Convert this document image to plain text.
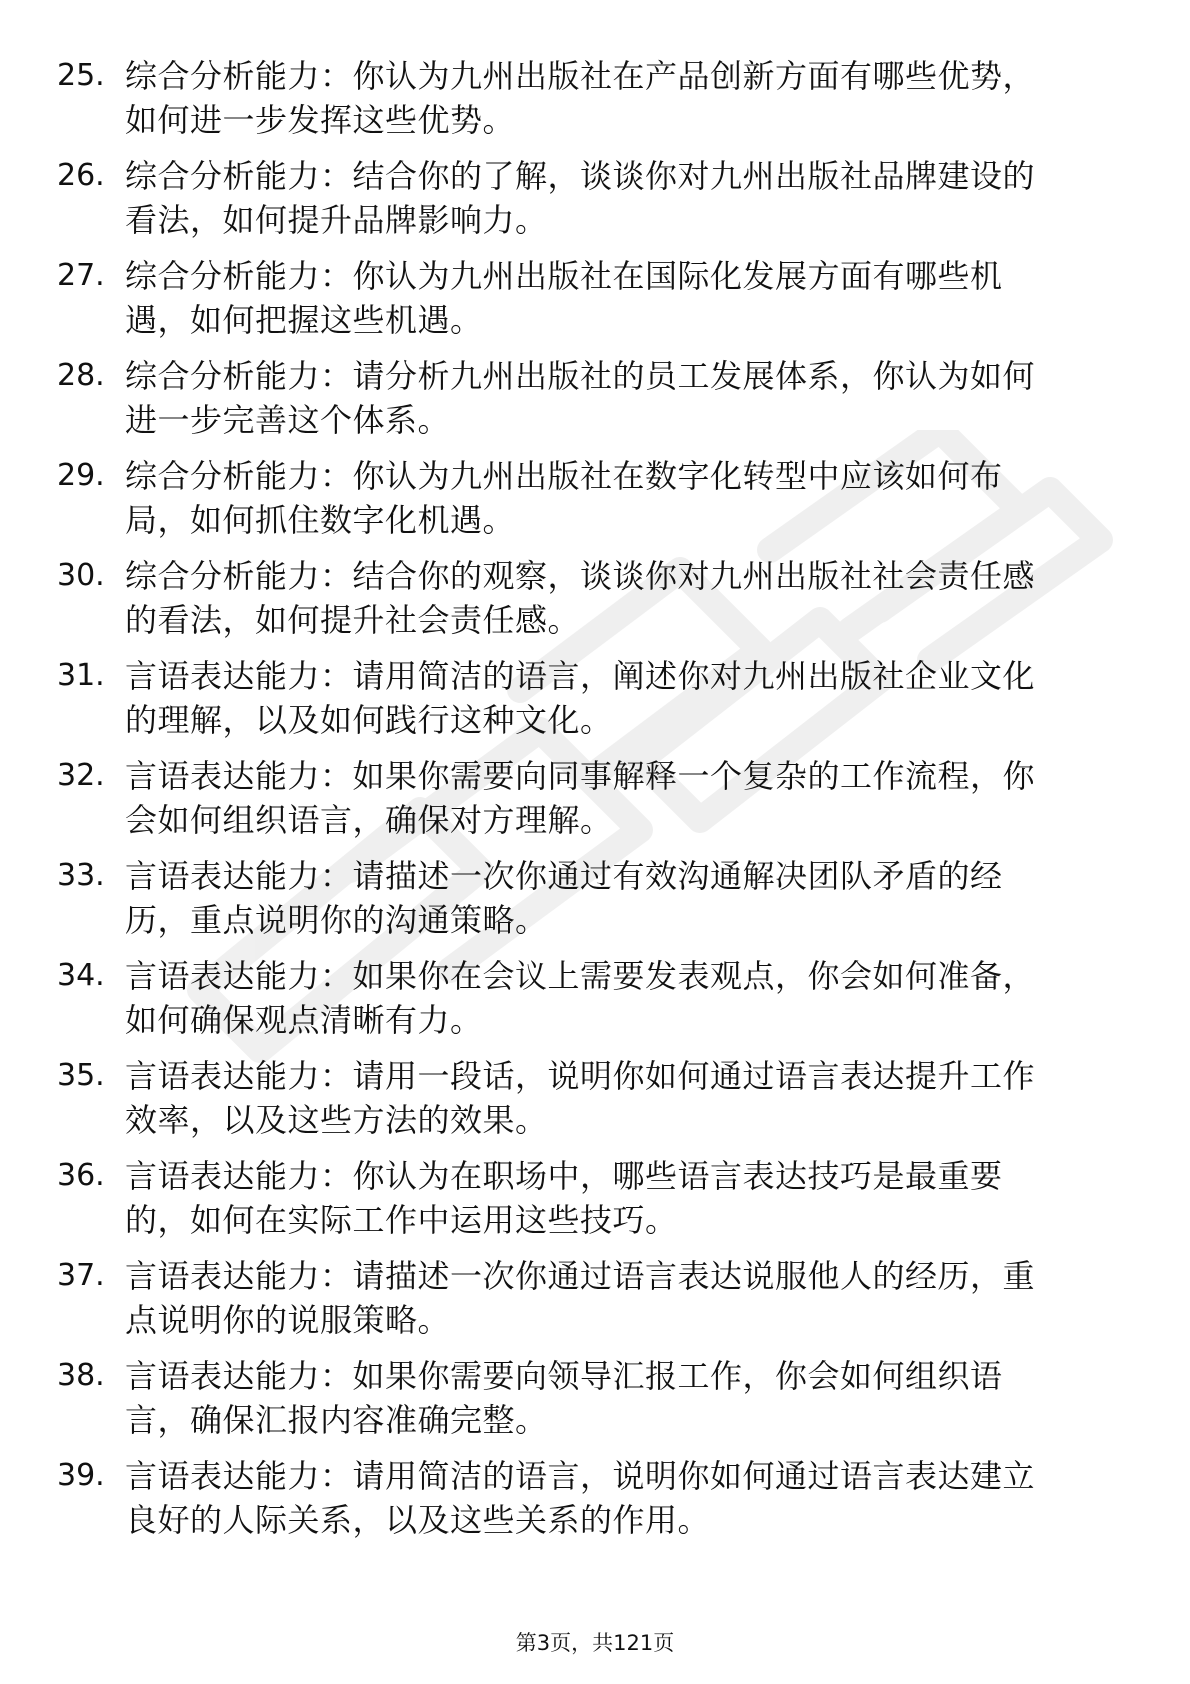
25. 综合分析能力：你认为九州出版社在产品创新方面有哪些优势，
如何进一步发挥这些优势。
26. 综合分析能力：结合你的了解，谈谈你对九州出版社品牌建设的
看法，如何提升品牌影响力。
27. 综合分析能力：你认为九州出版社在国际化发展方面有哪些机
遇，如何把握这些机遇。
28. 综合分析能力：请分析九州出版社的员工发展体系，你认为如何
进一步完善这个体系。
29. 综合分析能力：你认为九州出版社在数字化转型中应该如何布
局，如何抓住数字化机遇。
30. 综合分析能力：结合你的观察，谈谈你对九州出版社社会责任感
的看法，如何提升社会责任感。
31. 言语表达能力：请用简洁的语言，阐述你对九州出版社企业文化
的理解，以及如何践行这种文化。
32. 言语表达能力：如果你需要向同事解释一个复杂的工作流程，你
会如何组织语言，确保对方理解。
33. 言语表达能力：请描述一次你通过有效沟通解决团队矛盾的经
历，重点说明你的沟通策略。
34. 言语表达能力：如果你在会议上需要发表观点，你会如何准备，
如何确保观点清晰有力。
35. 言语表达能力：请用一段话，说明你如何通过语言表达提升工作
效率，以及这些方法的效果。
36. 言语表达能力：你认为在职场中，哪些语言表达技巧是最重要
的，如何在实际工作中运用这些技巧。
37. 言语表达能力：请描述一次你通过语言表达说服他人的经历，重
点说明你的说服策略。
38. 言语表达能力：如果你需要向领导汇报工作，你会如何组织语
言，确保汇报内容准确完整。
39. 言语表达能力：请用简洁的语言，说明你如何通过语言表达建立
良好的人际关系，以及这些关系的作用。
第3页，共121页
